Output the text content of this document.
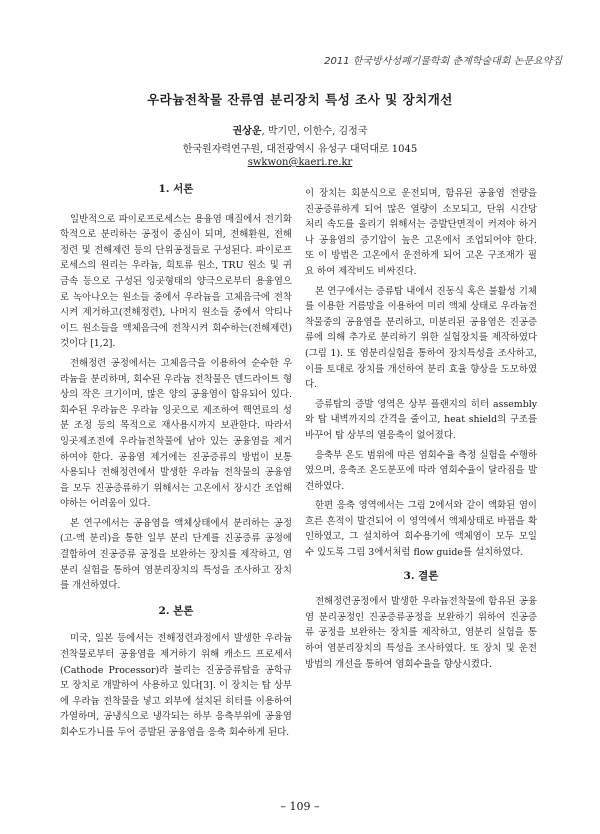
2011 한국방사성폐기물학회 춘계학술대회 논문요약집
우라늄전착물 잔류염 분리장치 특성 조사 및 장치개선
권상운, 박기민, 이한수, 김정국
한국원자력연구원, 대전광역시 유성구 대덕대로 1045
swkwon@kaeri.re.kr
1. 서론

일반적으로 파이로프로세스는 용융염 매질에서 전기화학적으로 분리하는 공정이 중심이 되며, 전해환원, 전해정련 및 전해제련 등의 단위공정들로 구성된다. 파이로프로세스의 원리는 우라늄, 희토류 원소, TRU 원소 및 귀금속 등으로 구성된 잉곳형태의 양극으로부터 용융염으로 녹아나오는 원소들 중에서 우라늄을 고체음극에 전착시켜 제거하고(전해정련), 나머지 원소들 중에서 악티나이드 원소들을 액체음극에 전착시켜 회수하는(전해제련) 것이다 [1,2].

전해정련 공정에서는 고체음극을 이용하여 순수한 우라늄을 분리하며, 회수된 우라늄 전착물은 덴드라이트 형상의 작은 크기이며, 많은 양의 공융염이 함유되어 있다. 회수된 우라늄은 우라늄 잉곳으로 제조하여 핵연료의 성분 조정 등의 목적으로 재사용시까지 보관한다. 따라서 잉곳제조전에 우라늄전착물에 남아 있는 공융염을 제거하여야 한다. 공융염 제거에는 진공증류의 방법이 보통 사용되나 전해정련에서 발생한 우라늄 전착물의 공융염을 모두 진공증류하기 위해서는 고온에서 장시간 조업해야하는 어려움이 있다.

본 연구에서는 공융염을 액체상태에서 분리하는 공정(고-액 분리)을 통한 일부 분리 단계를 진공증류 공정에 결합하여 진공증류 공정을 보완하는 장치를 제작하고, 염분리 실험을 통하여 염분리장치의 특성을 조사하고 장치를 개선하였다.

2. 본론

미국, 일본 등에서는 전해정련과정에서 발생한 우라늄 전착물로부터 공융염을 제거하기 위해 캐소드 프로세서(Cathode Processor)라 불리는 진공증류탑을 공학규모 장치로 개발하여 사용하고 있다[3]. 이 장치는 탑 상부에 우라늄 전착물을 넣고 외부에 설치된 히터를 이용하여 가열하며, 공냉식으로 냉각되는 하부 응축부위에 공융염 회수도가니를 두어 증발된 공융염을 응축 회수하게 된다.

이 장치는 회분식으로 운전되며, 함유된 공융염 전량을 진공증류하게 되어 많은 열량이 소모되고, 단위 시간당 처리 속도를 올리기 위해서는 증발단면적이 커져야 하거나 공융염의 증기압이 높은 고온에서 조업되어야 한다. 또 이 방법은 고온에서 운전하게 되어 고온 구조재가 필요 하여 제작비도 비싸진다.

본 연구에서는 증류탑 내에서 진동식 혹은 불활성 기체를 이용한 거름망을 이용하여 미리 액체 상태로 우라늄전착물중의 공융염을 분리하고, 미분리된 공융염은 진공증류에 의해 추가로 분리하기 위한 실험장치를 제작하였다(그림 1). 또 염분리실험을 통하여 장치특성을 조사하고, 이를 토대로 장치를 개선하여 분리 효율 향상을 도모하였다.

증류탑의 증발 영역은 상부 플랜지의 히터 assembly와 탑 내벽까지의 간격을 줄이고, heat shield의 구조를 바꾸어 탑 상부의 열응축이 없어졌다.

응축부 온도 범위에 따른 염회수율 측정 실험을 수행하였으며, 응축조 온도분포에 따라 염회수율이 달라짐을 발견하였다.

한편 응축 영역에서는 그림 2에서와 같이 액화된 염이 흐른 흔적이 발견되어 이 영역에서 액체상태로 바뀜을 확인하였고, 그 설치하여 회수용기에 액체염이 모두 모일 수 있도록 그림 3에서처럼 flow guide를 설치하였다.

3. 결론

전해정련공정에서 발생한 우라늄전착물에 함유된 공융염 분리공정인 진공증류공정을 보완하기 위하여 진공증류 공정을 보완하는 장치를 제작하고, 염분리 실험을 통하여 염분리장치의 특성을 조사하였다. 또 장치 및 운전방법의 개선을 통하여 염회수율을 향상시켰다.

– 109 –
